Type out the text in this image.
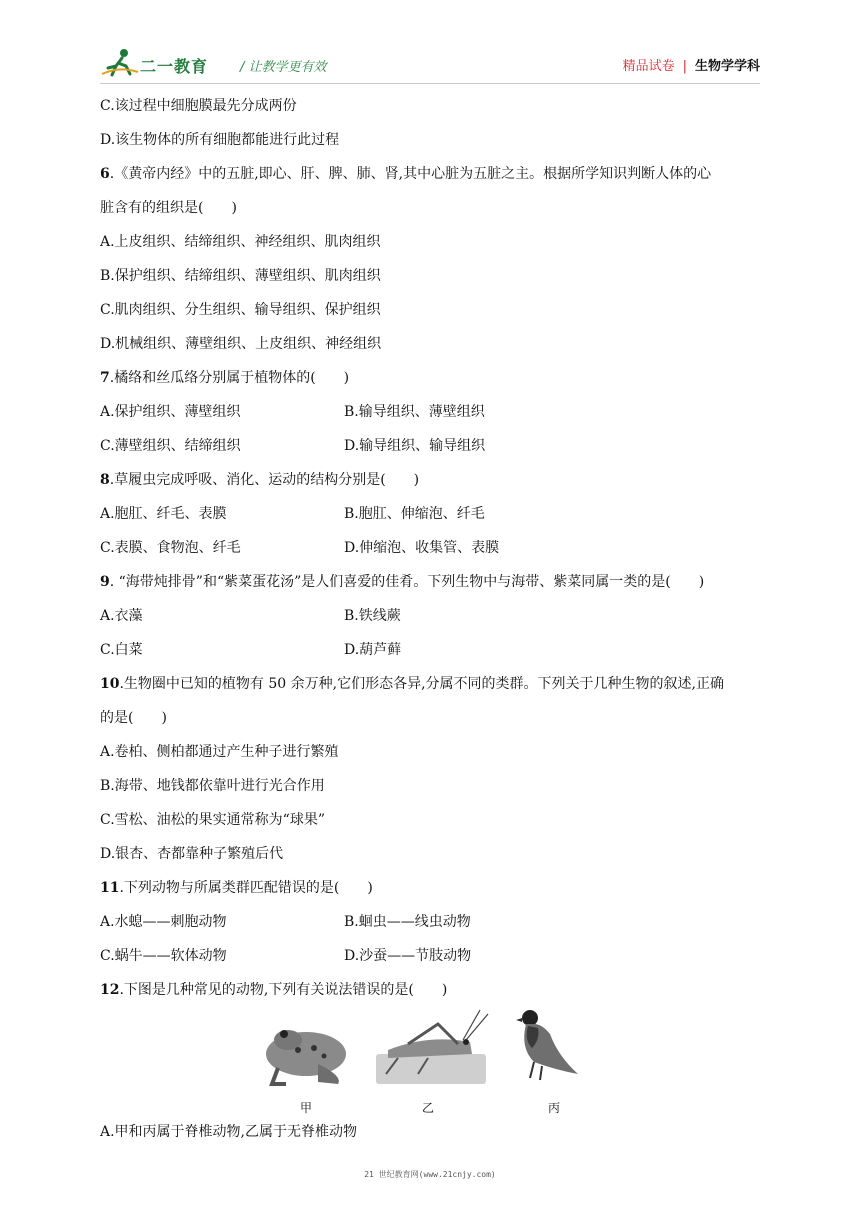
二一教育 / 让教学更有效	精品试卷 | 生物学学科
C.该过程中细胞膜最先分成两份
D.该生物体的所有细胞都能进行此过程
6.《黄帝内经》中的五脏,即心、肝、脾、肺、肾,其中心脏为五脏之主。根据所学知识判断人体的心
脏含有的组织是(　　)
A.上皮组织、结缔组织、神经组织、肌肉组织
B.保护组织、结缔组织、薄壁组织、肌肉组织
C.肌肉组织、分生组织、输导组织、保护组织
D.机械组织、薄壁组织、上皮组织、神经组织
7.橘络和丝瓜络分别属于植物体的(　　)
A.保护组织、薄壁组织	B.输导组织、薄壁组织
C.薄壁组织、结缔组织	D.输导组织、输导组织
8.草履虫完成呼吸、消化、运动的结构分别是(　　)
A.胞肛、纤毛、表膜	B.胞肛、伸缩泡、纤毛
C.表膜、食物泡、纤毛	D.伸缩泡、收集管、表膜
9. “海带炖排骨”和“紫菜蛋花汤”是人们喜爱的佳肴。下列生物中与海带、紫菜同属一类的是(　　)
A.衣藻	B.铁线蕨
C.白菜	D.葫芦藓
10.生物圈中已知的植物有 50 余万种,它们形态各异,分属不同的类群。下列关于几种生物的叙述,正确
的是(　　)
A.卷柏、侧柏都通过产生种子进行繁殖
B.海带、地钱都依靠叶进行光合作用
C.雪松、油松的果实通常称为“球果”
D.银杏、杏都靠种子繁殖后代
11.下列动物与所属类群匹配错误的是(　　)
A.水螅——刺胞动物	B.蛔虫——线虫动物
C.蜗牛——软体动物	D.沙蚕——节肢动物
12.下图是几种常见的动物,下列有关说法错误的是(　　)
甲	乙	丙
A.甲和丙属于脊椎动物,乙属于无脊椎动物
21 世纪教育网(www.21cnjy.com)
